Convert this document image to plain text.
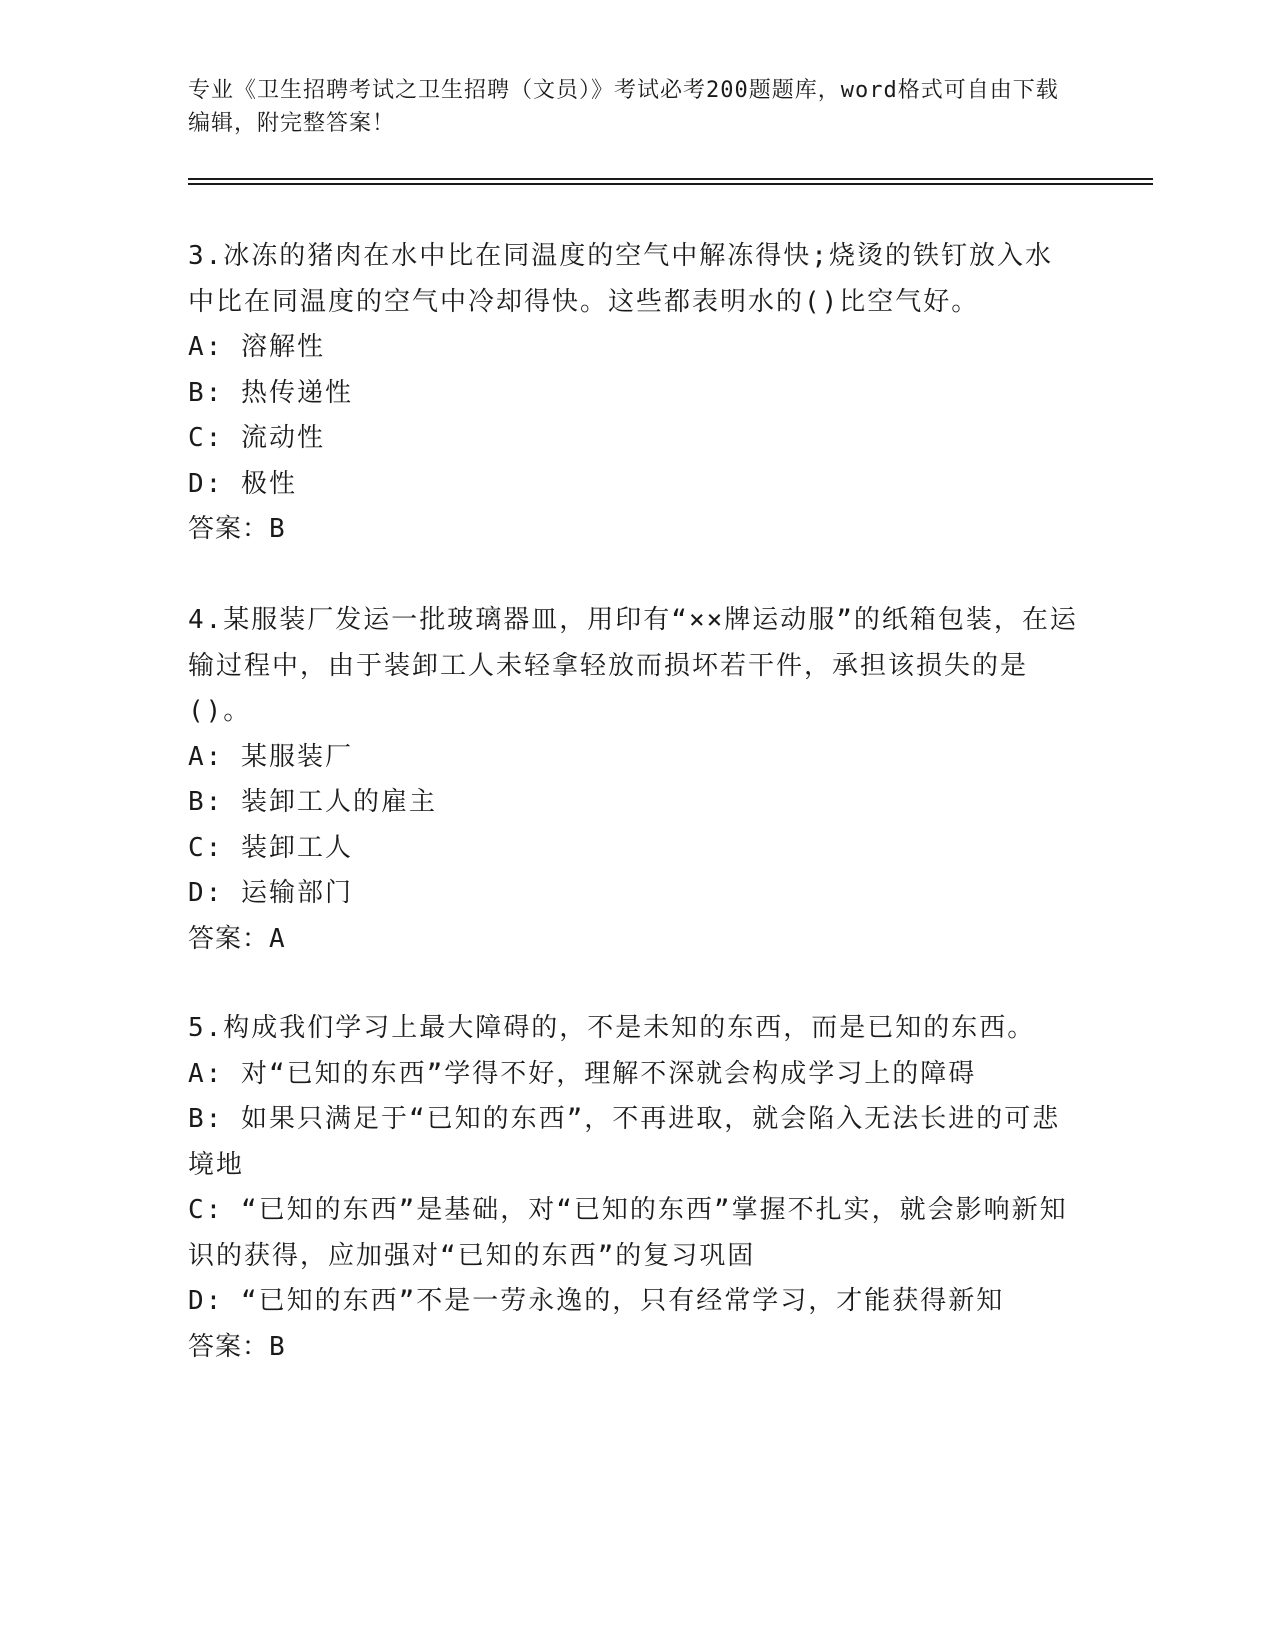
专业《卫生招聘考试之卫生招聘（文员）》考试必考200题题库，word格式可自由下载编辑，附完整答案！
3.冰冻的猪肉在水中比在同温度的空气中解冻得快;烧烫的铁钉放入水中比在同温度的空气中冷却得快。这些都表明水的()比空气好。
A: 溶解性
B: 热传递性
C: 流动性
D: 极性
答案：B
4.某服装厂发运一批玻璃器皿，用印有“××牌运动服”的纸箱包装，在运输过程中，由于装卸工人未轻拿轻放而损坏若干件，承担该损失的是()。
A: 某服装厂
B: 装卸工人的雇主
C: 装卸工人
D: 运输部门
答案：A
5.构成我们学习上最大障碍的，不是未知的东西，而是已知的东西。
A: 对“已知的东西”学得不好，理解不深就会构成学习上的障碍
B: 如果只满足于“已知的东西”，不再进取，就会陷入无法长进的可悲境地
C: “已知的东西”是基础，对“已知的东西”掌握不扎实，就会影响新知识的获得，应加强对“已知的东西”的复习巩固
D: “已知的东西”不是一劳永逸的，只有经常学习，才能获得新知
答案：B
